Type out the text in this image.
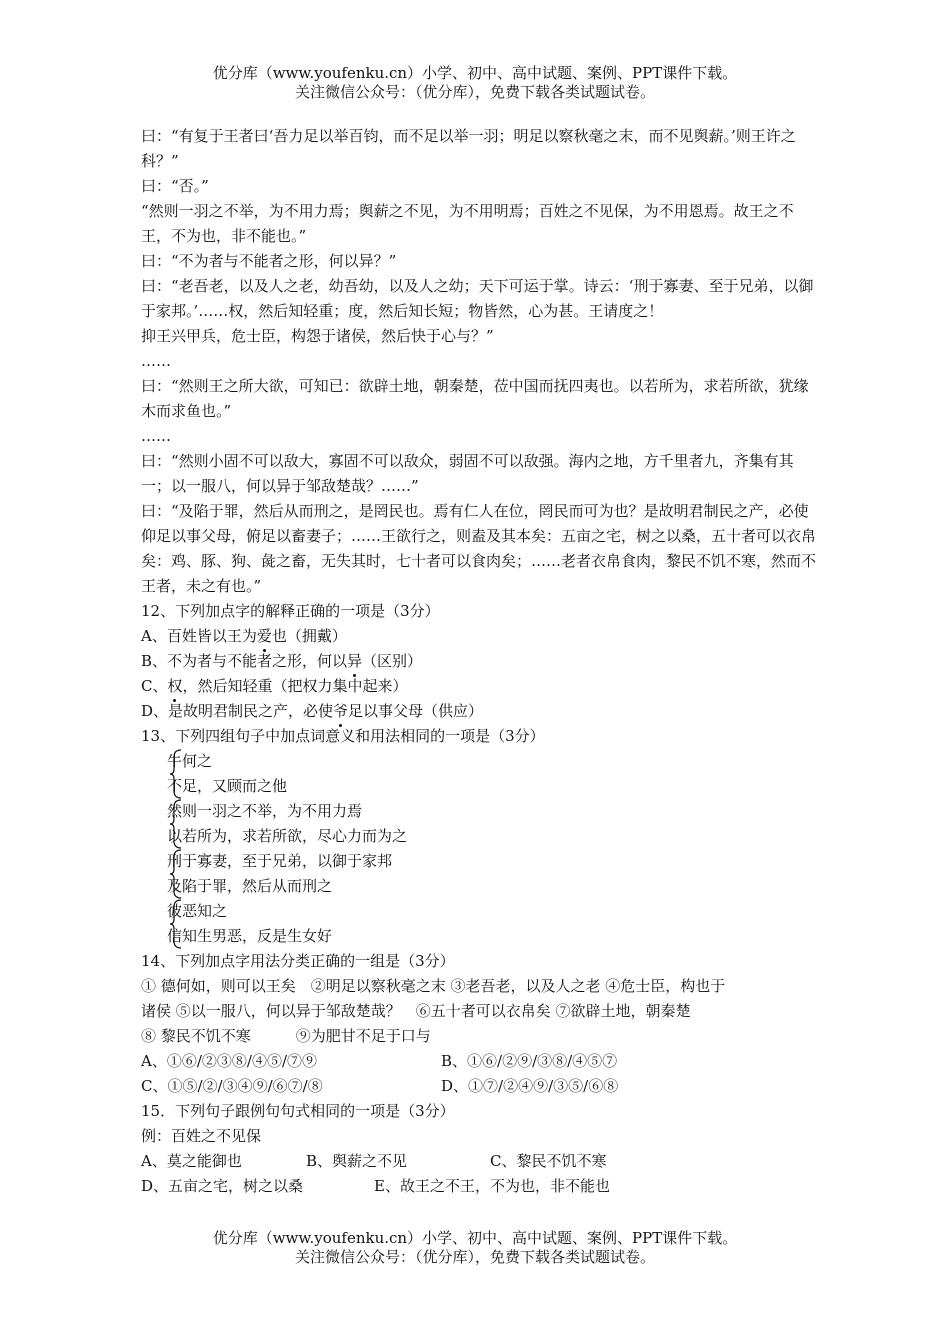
优分库（www.youfenku.cn）小学、初中、高中试题、案例、PPT课件下载。
关注微信公众号：（优分库），免费下载各类试题试卷。

曰：“有复于王者曰‘吾力足以举百钧，而不足以举一羽；明足以察秋毫之末，而不见舆薪。’则王许之科？”

曰：“否。”

“然则一羽之不举，为不用力焉；舆薪之不见，为不用明焉；百姓之不见保，为不用恩焉。故王之不王，不为也，非不能也。”

曰：“不为者与不能者之形，何以异？”

曰：“老吾老，以及人之老，幼吾幼，以及人之幼；天下可运于掌。诗云：‘刑于寡妻、至于兄弟，以御于家邦。’……权，然后知轻重；度，然后知长短；物皆然，心为甚。王请度之！

抑王兴甲兵，危士臣，构怨于诸侯，然后快于心与？”

……

曰：“然则王之所大欲，可知已：欲辟土地，朝秦楚，莅中国而抚四夷也。以若所为，求若所欲，犹缘木而求鱼也。”

……

曰：“然则小固不可以敌大，寡固不可以敌众，弱固不可以敌强。海内之地，方千里者九，齐集有其一；以一服八，何以异于邹敌楚哉？……”

曰：“及陷于罪，然后从而刑之，是罔民也。焉有仁人在位，罔民而可为也？是故明君制民之产，必使仰足以事父母，俯足以畜妻子；……王欲行之，则盍及其本矣：五亩之宅，树之以桑，五十者可以衣帛矣：鸡、豚、狗、彘之畜，无失其时，七十者可以食肉矣；……老者衣帛食肉，黎民不饥不寒，然而不王者，未之有也。”

12、下列加点字的解释正确的一项是（3分）

A、百姓皆以王为爱也（拥戴）

B、不为者与不能者之形，何以异（区别）

C、权，然后知轻重（把权力集中起来）

D、是故明君制民之产，必使爷足以事父母（供应）

13、下列四组句子中加点词意义和用法相同的一项是（3分）

牛何之
不足，又顾而之他
然则一羽之不举，为不用力焉
以若所为，求若所欲，尽心力而为之
刑于寡妻，至于兄弟，以御于家邦
及陷于罪，然后从而刑之
彼恶知之
信知生男恶，反是生女好

14、下列加点字用法分类正确的一组是（3分）

① 德何如，则可以王矣　②明足以察秋毫之末 ③老吾老，以及人之老 ④危士臣，构也于

诸侯 ⑤以一服八，何以异于邹敌楚哉？　⑥五十者可以衣帛矣 ⑦欲辟土地，朝秦楚

⑧ 黎民不饥不寒　　　⑨为肥甘不足于口与

A、①⑥/②③⑧/④⑤/⑦⑨	B、①⑥/②⑨/③⑧/④⑤⑦
C、①⑤/②/③④⑨/⑥⑦/⑧	D、①⑦/②④⑨/③⑤/⑥⑧

15．下列句子跟例句句式相同的一项是（3分）

例：百姓之不见保

A、莫之能御也	B、舆薪之不见	C、黎民不饥不寒
D、五亩之宅，树之以桑	E、故王之不王，不为也，非不能也
优分库（www.youfenku.cn）小学、初中、高中试题、案例、PPT课件下载。
关注微信公众号：（优分库），免费下载各类试题试卷。
